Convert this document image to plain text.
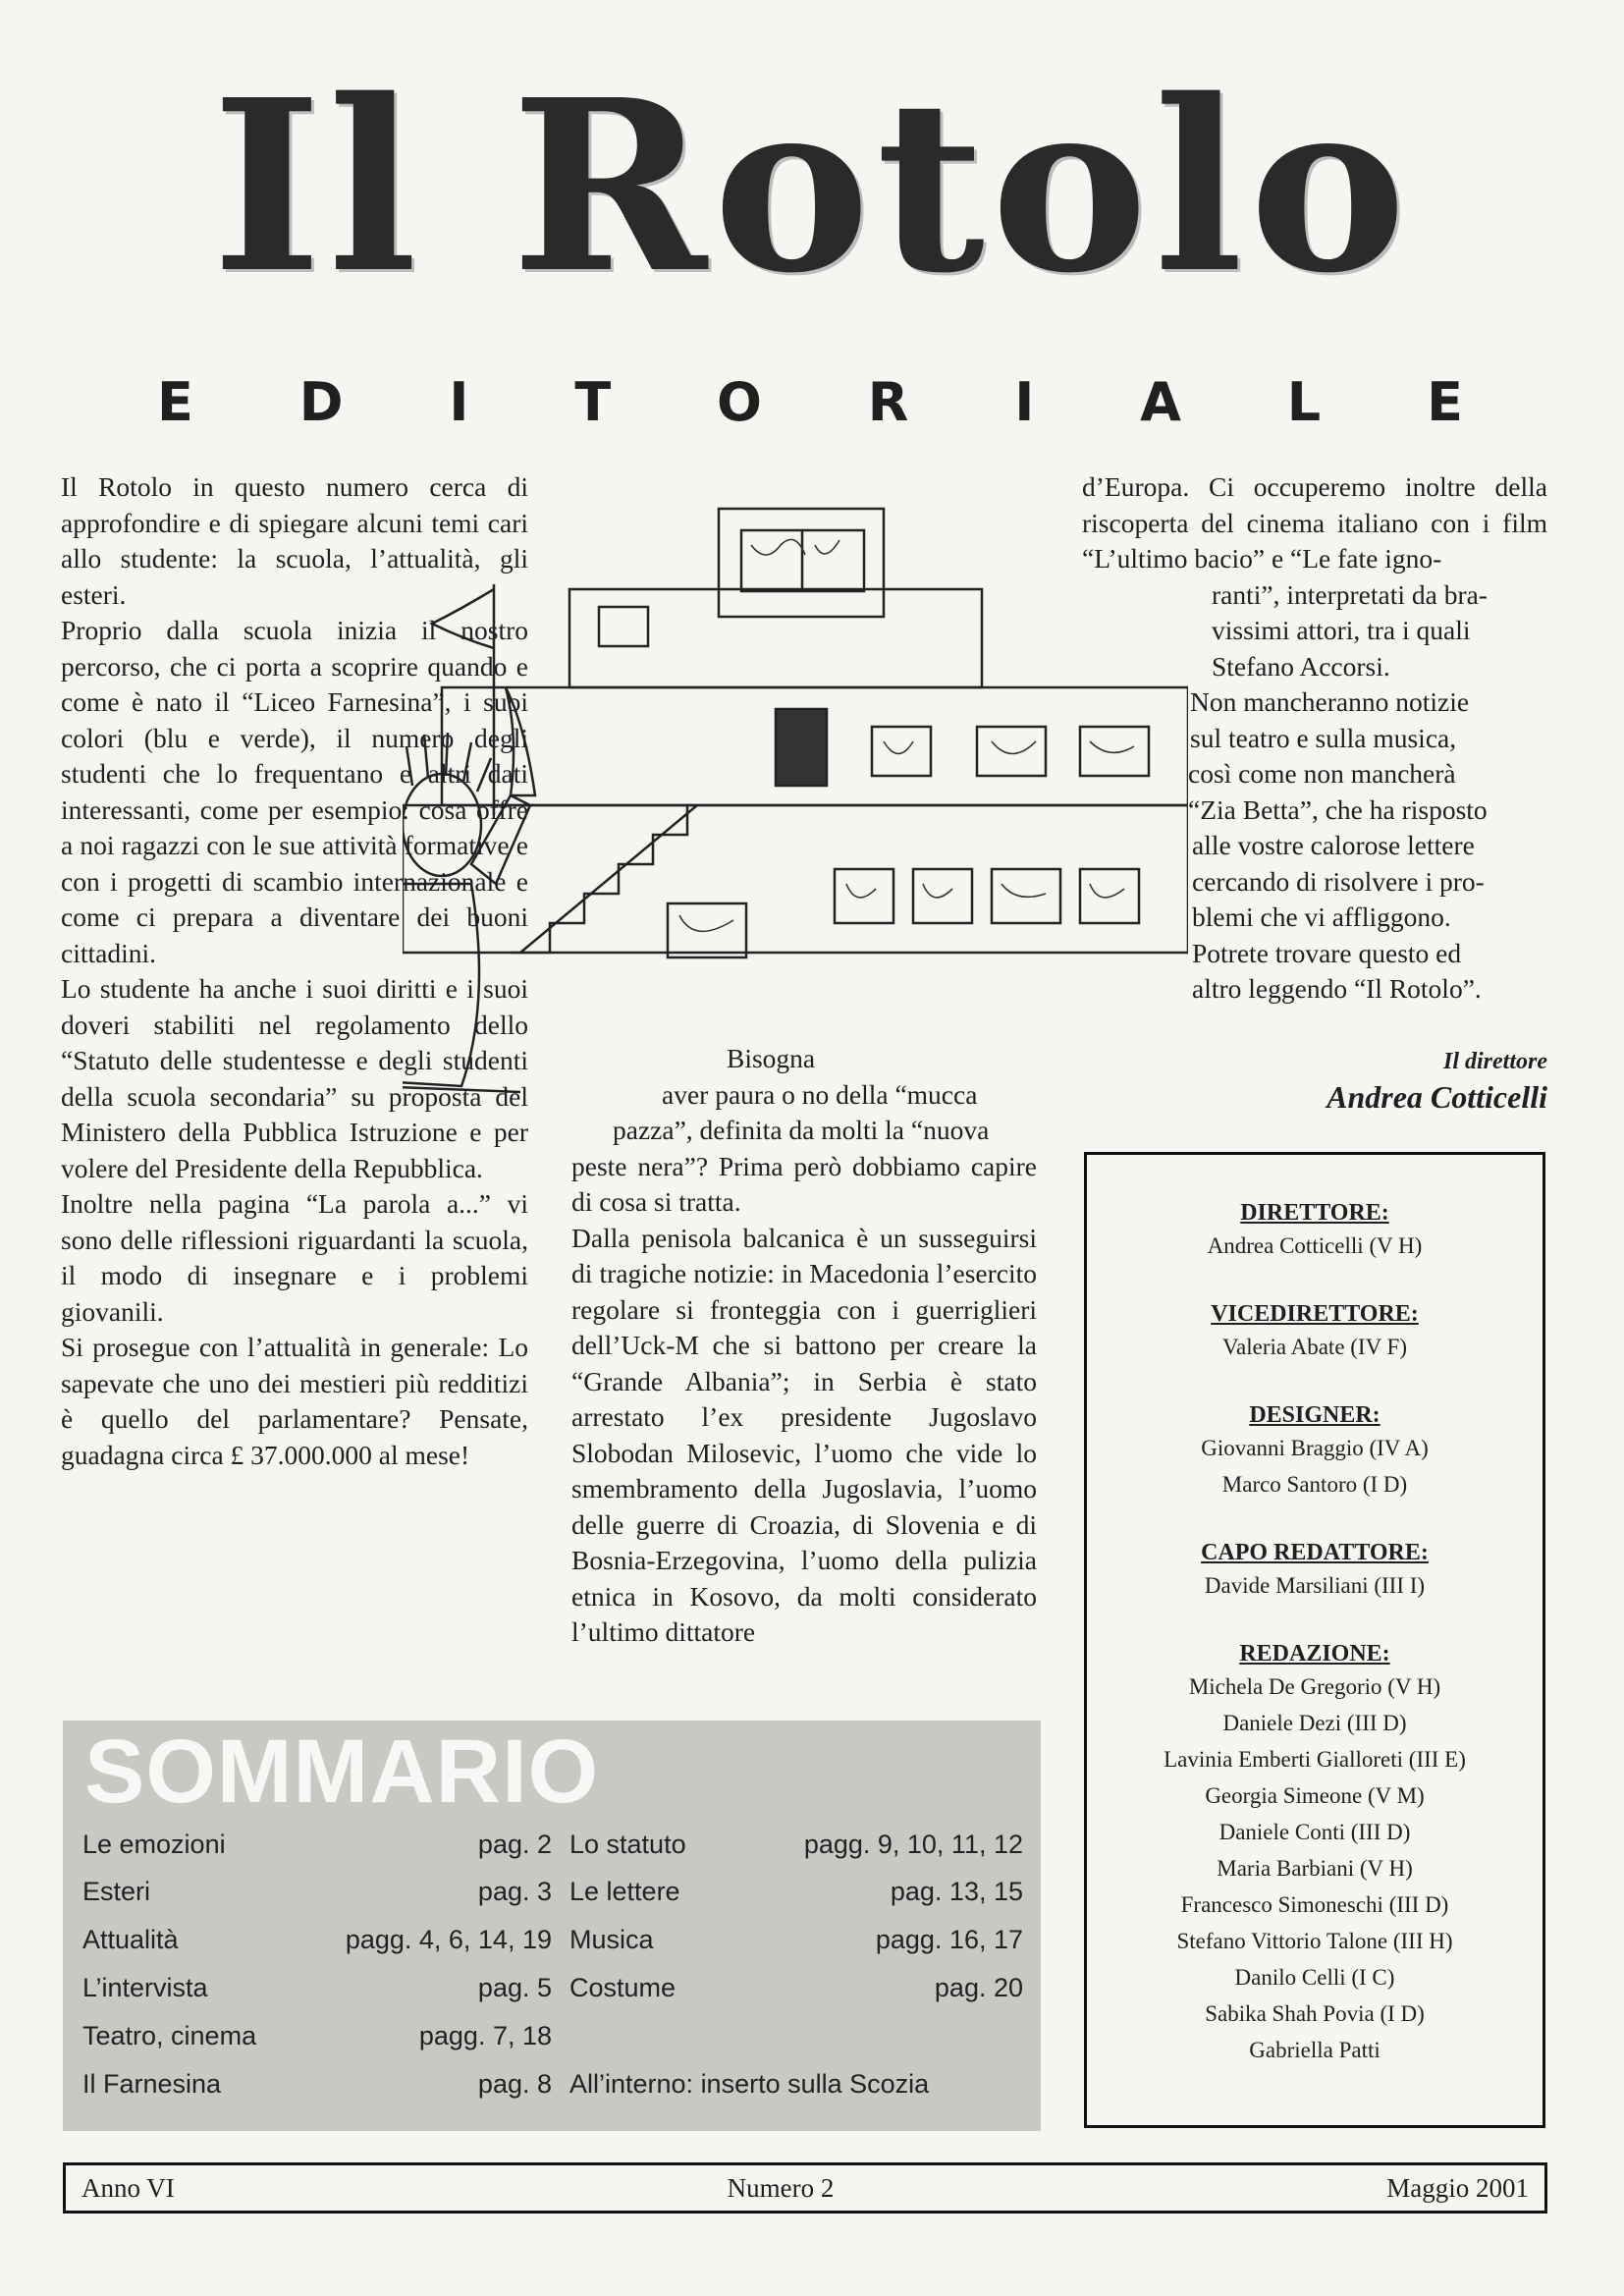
Il Rotolo
E D I T O R I A L E

Il Rotolo in questo numero cerca di approfondire e di spiegare alcuni temi cari allo studente: la scuola, l’attualità, gli esteri.

Proprio dalla scuola inizia il nostro percorso, che ci porta a scoprire quando e come è nato il “Liceo Farnesina”, i suoi colori (blu e verde), il numero degli studenti che lo frequentano e altri dati interessanti, come per esempio: cosa offre a noi ragazzi con le sue attività formative e con i progetti di scambio internazionale e come ci prepara a diventare dei buoni cittadini.

Lo studente ha anche i suoi diritti e i suoi doveri stabiliti nel regolamento dello “Statuto delle studentesse e degli studenti della scuola secondaria” su proposta del Ministero della Pubblica Istruzione e per volere del Presidente della Repubblica.

Inoltre nella pagina “La parola a...” vi sono delle riflessioni riguardanti la scuola, il modo di insegnare e i problemi giovanili.

Si prosegue con l’attualità in generale: Lo sapevate che uno dei mestieri più redditizi è quello del parlamentare? Pensate, guadagna circa £ 37.000.000 al mese!

Bisogna

aver paura o no della “mucca

pazza”, definita da molti la “nuova

peste nera”? Prima però dobbiamo capire di cosa si tratta.

Dalla penisola balcanica è un susseguirsi di tragiche notizie: in Macedonia l’esercito regolare si fronteggia con i guerriglieri dell’Uck-M che si battono per creare la “Grande Albania”; in Serbia è stato arrestato l’ex presidente Jugoslavo Slobodan Milosevic, l’uomo che vide lo smembramento della Jugoslavia, l’uomo delle guerre di Croazia, di Slovenia e di Bosnia-Erzegovina, l’uomo della pulizia etnica in Kosovo, da molti considerato l’ultimo dittatore

d’Europa. Ci occuperemo inoltre della riscoperta del cinema italiano con i film “L’ultimo bacio” e “Le fate igno-

ranti”, interpretati da bra-

vissimi attori, tra i quali

Stefano Accorsi.

Non mancheranno notizie

sul teatro e sulla musica,

così come non mancherà

“Zia Betta”, che ha risposto

alle vostre calorose lettere

cercando di risolvere i pro-

blemi che vi affliggono.

Potrete trovare questo ed

altro leggendo “Il Rotolo”.

Il direttore
Andrea Cotticelli
DIRETTORE:
Andrea Cotticelli (V H)
VICEDIRETTORE:
Valeria Abate (IV F)
DESIGNER:
Giovanni Braggio (IV A)
Marco Santoro (I D)
CAPO REDATTORE:
Davide Marsiliani (III I)
REDAZIONE:
Michela De Gregorio (V H)
Daniele Dezi (III D)
Lavinia Emberti Gialloreti (III E)
Georgia Simeone (V M)
Daniele Conti (III D)
Maria Barbiani (V H)
Francesco Simoneschi (III D)
Stefano Vittorio Talone (III H)
Danilo Celli (I C)
Sabika Shah Povia (I D)
Gabriella Patti
SOMMARIO
Le emozioni	pag. 2
Esteri	pag. 3
Attualità	pagg. 4, 6, 14, 19
L’intervista	pag. 5
Teatro, cinema	pagg. 7, 18
Il Farnesina	pag. 8
Lo statuto	pagg. 9, 10, 11, 12
Le lettere	pag. 13, 15
Musica	pagg. 16, 17
Costume	pag. 20
All’interno: inserto sulla Scozia
Anno VI	Numero 2	Maggio 2001
